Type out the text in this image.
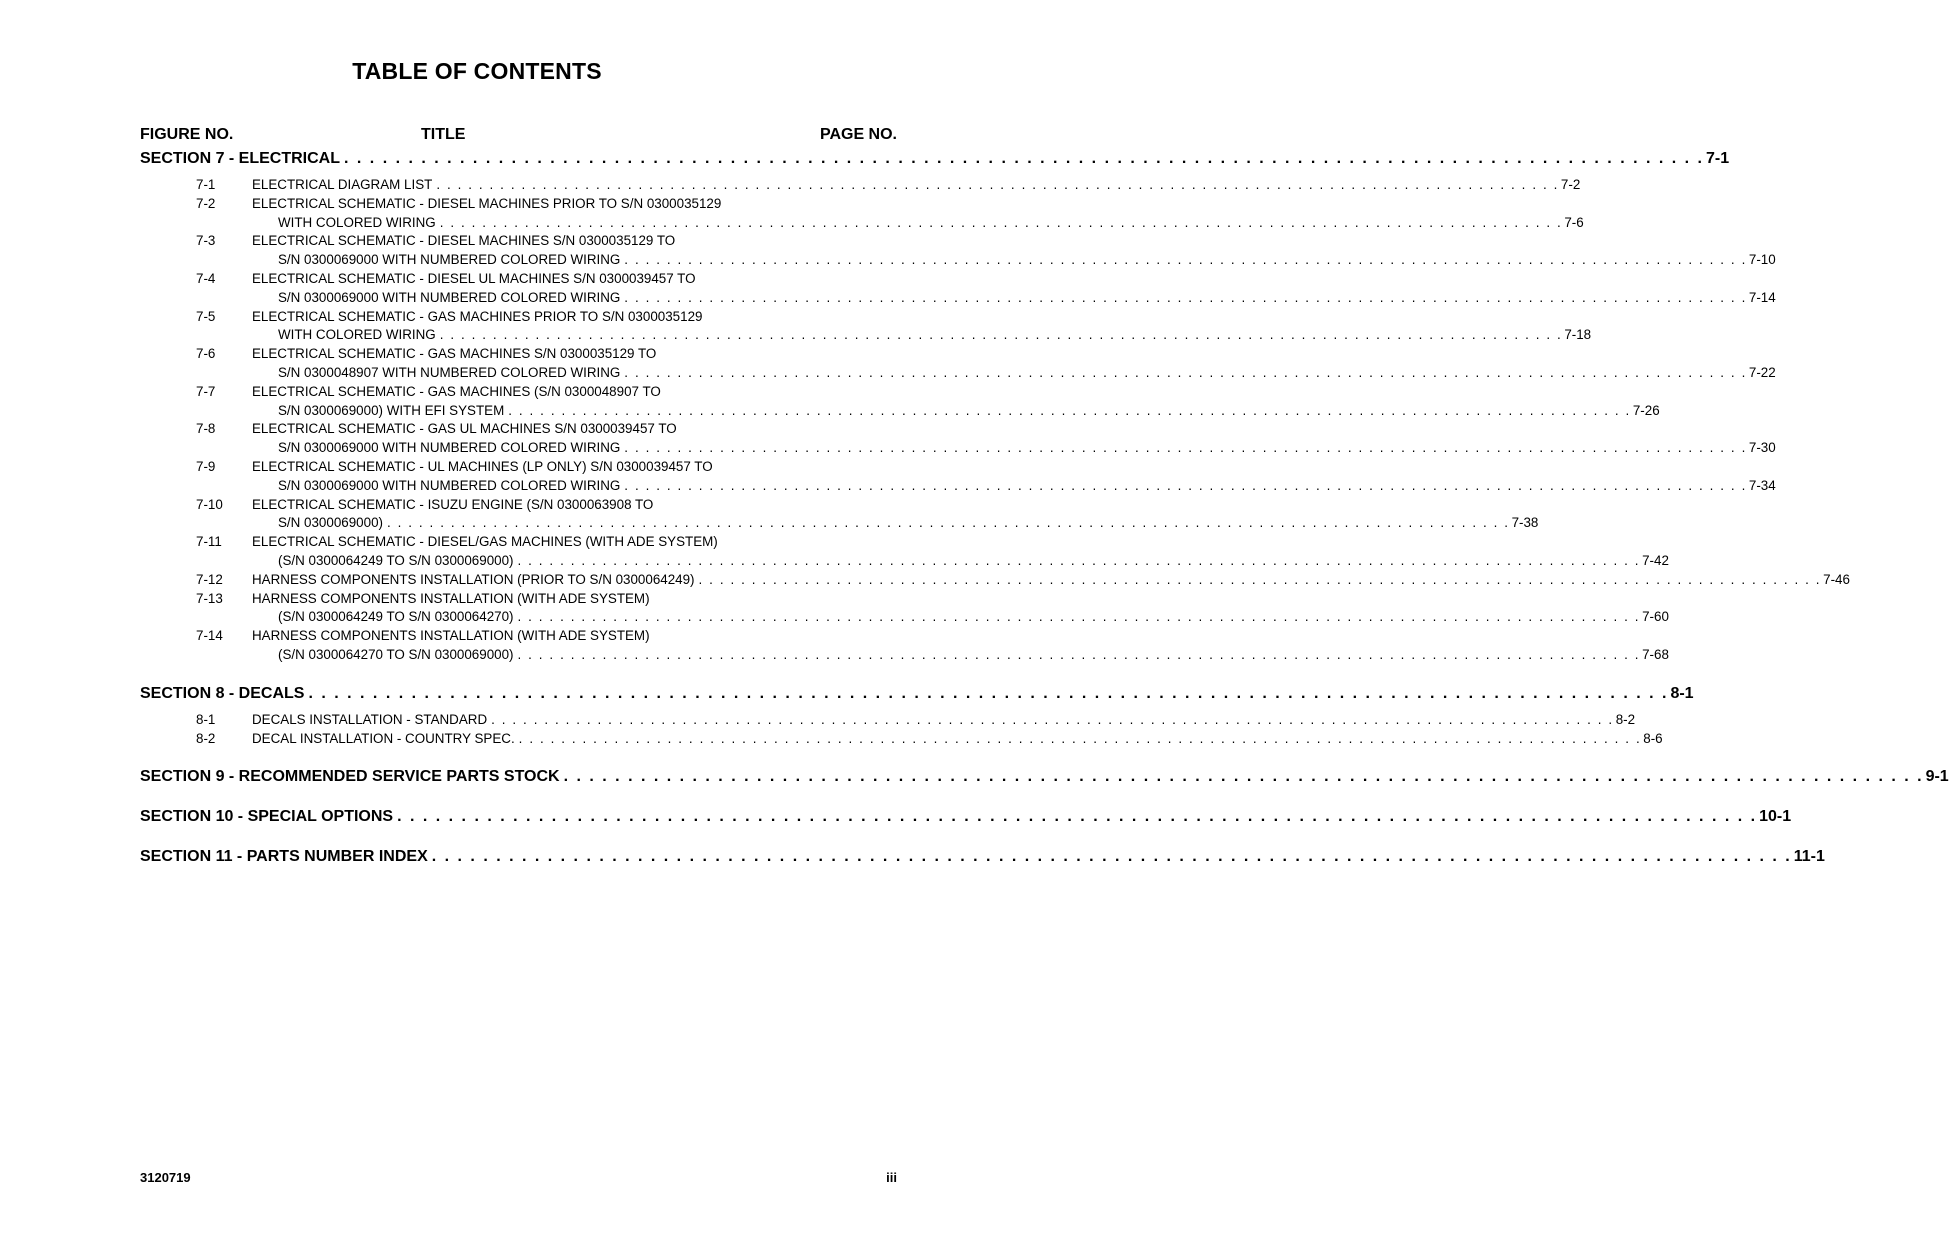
TABLE OF CONTENTS
FIGURE NO.	TITLE	PAGE NO.
SECTION 7 - ELECTRICAL . . . . . . . . . . . . . . . . . . . . . . . . . . . . . . . . . . . . . . . . . . . . . . . . . . . . . . . . . . . . . . . . . . . . . . . . . . . . . . . . . . . . . . . . . . . . . . . . . . . . . . . . . . 7-1
7-1	ELECTRICAL DIAGRAM LIST . . . . . . . . . . . . . . . . . . . . . . . . . . . . . . . . . . . . . . . . . . . . . . . . . . . . . . . . . . . . . . . . . . . . . . . . . . . . . . . . . . . . . . . . . . . . . . . . . . . . . . . . . . 7-2
7-2	ELECTRICAL SCHEMATIC - DIESEL MACHINES PRIOR TO S/N 0300035129
WITH COLORED WIRING . . . . . . . . . . . . . . . . . . . . . . . . . . . . . . . . . . . . . . . . . . . . . . . . . . . . . . . . . . . . . . . . . . . . . . . . . . . . . . . . . . . . . . . . . . . . . . . . . . . . . . . . . . 7-6
7-3	ELECTRICAL SCHEMATIC - DIESEL MACHINES S/N 0300035129 TO
S/N 0300069000 WITH NUMBERED COLORED WIRING . . . . . . . . . . . . . . . . . . . . . . . . . . . . . . . . . . . . . . . . . . . . . . . . . . . . . . . . . . . . . . . . . . . . . . . . . . . . . . . . . . . . . . . . . . . . . . . . . . . . . . . . . . 7-10
7-4	ELECTRICAL SCHEMATIC - DIESEL UL MACHINES S/N 0300039457 TO
S/N 0300069000 WITH NUMBERED COLORED WIRING . . . . . . . . . . . . . . . . . . . . . . . . . . . . . . . . . . . . . . . . . . . . . . . . . . . . . . . . . . . . . . . . . . . . . . . . . . . . . . . . . . . . . . . . . . . . . . . . . . . . . . . . . . 7-14
7-5	ELECTRICAL SCHEMATIC - GAS MACHINES PRIOR TO S/N 0300035129
WITH COLORED WIRING . . . . . . . . . . . . . . . . . . . . . . . . . . . . . . . . . . . . . . . . . . . . . . . . . . . . . . . . . . . . . . . . . . . . . . . . . . . . . . . . . . . . . . . . . . . . . . . . . . . . . . . . . . 7-18
7-6	ELECTRICAL SCHEMATIC - GAS MACHINES S/N 0300035129 TO
S/N 0300048907 WITH NUMBERED COLORED WIRING . . . . . . . . . . . . . . . . . . . . . . . . . . . . . . . . . . . . . . . . . . . . . . . . . . . . . . . . . . . . . . . . . . . . . . . . . . . . . . . . . . . . . . . . . . . . . . . . . . . . . . . . . . 7-22
7-7	ELECTRICAL SCHEMATIC - GAS MACHINES (S/N 0300048907 TO
S/N 0300069000) WITH EFI SYSTEM . . . . . . . . . . . . . . . . . . . . . . . . . . . . . . . . . . . . . . . . . . . . . . . . . . . . . . . . . . . . . . . . . . . . . . . . . . . . . . . . . . . . . . . . . . . . . . . . . . . . . . . . . . 7-26
7-8	ELECTRICAL SCHEMATIC - GAS UL MACHINES S/N 0300039457 TO
S/N 0300069000 WITH NUMBERED COLORED WIRING . . . . . . . . . . . . . . . . . . . . . . . . . . . . . . . . . . . . . . . . . . . . . . . . . . . . . . . . . . . . . . . . . . . . . . . . . . . . . . . . . . . . . . . . . . . . . . . . . . . . . . . . . . 7-30
7-9	ELECTRICAL SCHEMATIC - UL MACHINES (LP ONLY) S/N 0300039457 TO
S/N 0300069000 WITH NUMBERED COLORED WIRING . . . . . . . . . . . . . . . . . . . . . . . . . . . . . . . . . . . . . . . . . . . . . . . . . . . . . . . . . . . . . . . . . . . . . . . . . . . . . . . . . . . . . . . . . . . . . . . . . . . . . . . . . . 7-34
7-10	ELECTRICAL SCHEMATIC - ISUZU ENGINE (S/N 0300063908 TO
S/N 0300069000) . . . . . . . . . . . . . . . . . . . . . . . . . . . . . . . . . . . . . . . . . . . . . . . . . . . . . . . . . . . . . . . . . . . . . . . . . . . . . . . . . . . . . . . . . . . . . . . . . . . . . . . . . . 7-38
7-11	ELECTRICAL SCHEMATIC - DIESEL/GAS MACHINES (WITH ADE SYSTEM)
(S/N 0300064249 TO S/N 0300069000) . . . . . . . . . . . . . . . . . . . . . . . . . . . . . . . . . . . . . . . . . . . . . . . . . . . . . . . . . . . . . . . . . . . . . . . . . . . . . . . . . . . . . . . . . . . . . . . . . . . . . . . . . . 7-42
7-12	HARNESS COMPONENTS INSTALLATION (PRIOR TO S/N 0300064249) . . . . . . . . . . . . . . . . . . . . . . . . . . . . . . . . . . . . . . . . . . . . . . . . . . . . . . . . . . . . . . . . . . . . . . . . . . . . . . . . . . . . . . . . . . . . . . . . . . . . . . . . . . 7-46
7-13	HARNESS COMPONENTS INSTALLATION (WITH ADE SYSTEM)
(S/N 0300064249 TO S/N 0300064270) . . . . . . . . . . . . . . . . . . . . . . . . . . . . . . . . . . . . . . . . . . . . . . . . . . . . . . . . . . . . . . . . . . . . . . . . . . . . . . . . . . . . . . . . . . . . . . . . . . . . . . . . . . 7-60
7-14	HARNESS COMPONENTS INSTALLATION (WITH ADE SYSTEM)
(S/N 0300064270 TO S/N 0300069000) . . . . . . . . . . . . . . . . . . . . . . . . . . . . . . . . . . . . . . . . . . . . . . . . . . . . . . . . . . . . . . . . . . . . . . . . . . . . . . . . . . . . . . . . . . . . . . . . . . . . . . . . . . 7-68
SECTION 8 - DECALS . . . . . . . . . . . . . . . . . . . . . . . . . . . . . . . . . . . . . . . . . . . . . . . . . . . . . . . . . . . . . . . . . . . . . . . . . . . . . . . . . . . . . . . . . . . . . . . . . . . . . . . . . . 8-1
8-1	DECALS INSTALLATION - STANDARD . . . . . . . . . . . . . . . . . . . . . . . . . . . . . . . . . . . . . . . . . . . . . . . . . . . . . . . . . . . . . . . . . . . . . . . . . . . . . . . . . . . . . . . . . . . . . . . . . . . . . . . . . . 8-2
8-2	DECAL INSTALLATION - COUNTRY SPEC. . . . . . . . . . . . . . . . . . . . . . . . . . . . . . . . . . . . . . . . . . . . . . . . . . . . . . . . . . . . . . . . . . . . . . . . . . . . . . . . . . . . . . . . . . . . . . . . . . . . . . . . . . . 8-6
SECTION 9 - RECOMMENDED SERVICE PARTS STOCK . . . . . . . . . . . . . . . . . . . . . . . . . . . . . . . . . . . . . . . . . . . . . . . . . . . . . . . . . . . . . . . . . . . . . . . . . . . . . . . . . . . . . . . . . . . . . . . . . . . . . . . . . . 9-1
SECTION 10 - SPECIAL OPTIONS . . . . . . . . . . . . . . . . . . . . . . . . . . . . . . . . . . . . . . . . . . . . . . . . . . . . . . . . . . . . . . . . . . . . . . . . . . . . . . . . . . . . . . . . . . . . . . . . . . . . . . . . . . 10-1
SECTION 11 - PARTS NUMBER INDEX . . . . . . . . . . . . . . . . . . . . . . . . . . . . . . . . . . . . . . . . . . . . . . . . . . . . . . . . . . . . . . . . . . . . . . . . . . . . . . . . . . . . . . . . . . . . . . . . . . . . . . . . . . 11-1
3120719	iii
